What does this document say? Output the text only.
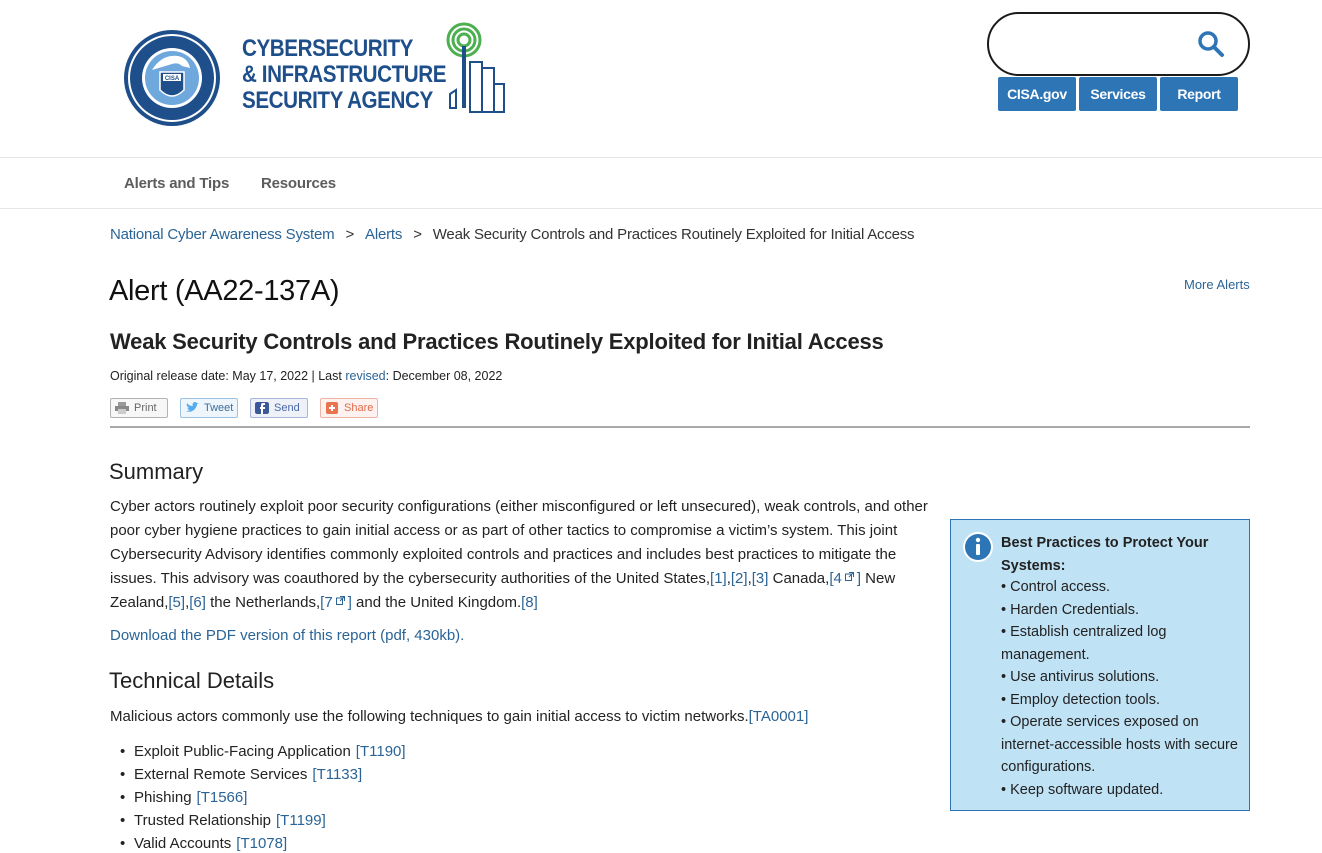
CISA
CYBERSECURITY
& INFRASTRUCTURE
SECURITY AGENCY	CISA.gov	Services	Report
Alerts and Tips Resources
National Cyber Awareness System > Alerts > Weak Security Controls and Practices Routinely Exploited for Initial Access
Alert (AA22-137A)	More Alerts
Weak Security Controls and Practices Routinely Exploited for Initial Access
Original release date: May 17, 2022 | Last revised: December 08, 2022
Print	Tweet	Send	Share
Summary

Cyber actors routinely exploit poor security configurations (either misconfigured or left unsecured), weak controls, and other poor cyber hygiene practices to gain initial access or as part of other tactics to compromise a victim’s system. This joint Cybersecurity Advisory identifies commonly exploited controls and practices and includes best practices to mitigate the issues. This advisory was coauthored by the cybersecurity authorities of the United States,[1],[2],[3] Canada,[4 ] New Zealand,[5],[6] the Netherlands,[7 ] and the United Kingdom.[8]

Download the PDF version of this report (pdf, 430kb).
Technical Details

Malicious actors commonly use the following techniques to gain initial access to victim networks.[TA0001]

• Exploit Public-Facing Application [T1190]
• External Remote Services [T1133]
• Phishing [T1566]
• Trusted Relationship [T1199]
• Valid Accounts [T1078]
Best Practices to Protect Your Systems:
• Control access.
• Harden Credentials.
• Establish centralized log management.
• Use antivirus solutions.
• Employ detection tools.
• Operate services exposed on internet-accessible hosts with secure configurations.
• Keep software updated.
